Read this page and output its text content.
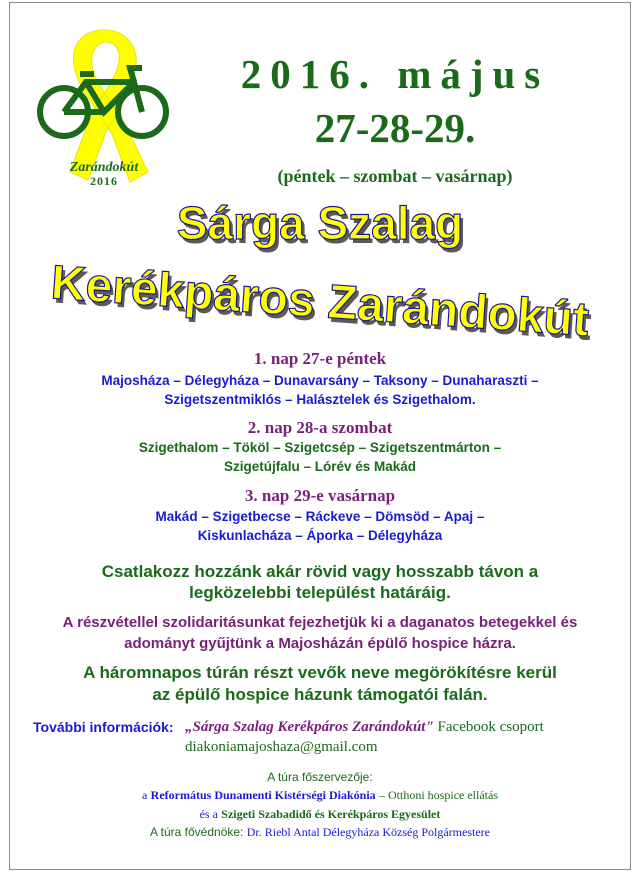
Zarándokút
2016
2016. május
27-28-29.
(péntek – szombat – vasárnap)
Sárga Szalag
Kerékpáros Zarándokút
1. nap 27-e péntek
Majosháza – Délegyháza – Dunavarsány – Taksony – Dunaharaszti –
Szigetszentmiklós – Halásztelek és Szigethalom.
2. nap 28-a szombat
Szigethalom – Tököl – Szigetcsép – Szigetszentmárton –
Szigetújfalu – Lórév és Makád
3. nap 29-e vasárnap
Makád – Szigetbecse – Ráckeve – Dömsöd – Apaj –
Kiskunlacháza – Áporka – Délegyháza
Csatlakozz hozzánk akár rövid vagy hosszabb távon a
legközelebbi települést határáig.
A részvétellel szolidaritásunkat fejezhetjük ki a daganatos betegekkel és
adományt gyűjtünk a Majosházán épülő hospice házra.
A háromnapos túrán részt vevők neve megörökítésre kerül
az épülő hospice házunk támogatói falán.
További információk: „Sárga Szalag Kerékpáros Zarándokút" Facebook csoport
diakoniamajoshaza@gmail.com
A túra főszervezője:
a Református Dunamenti Kistérségi Diakónia – Otthoni hospice ellátás
és a Szigeti Szabadidő és Kerékpáros Egyesület
A túra fővédnöke: Dr. Riebl Antal Délegyháza Község Polgármestere
